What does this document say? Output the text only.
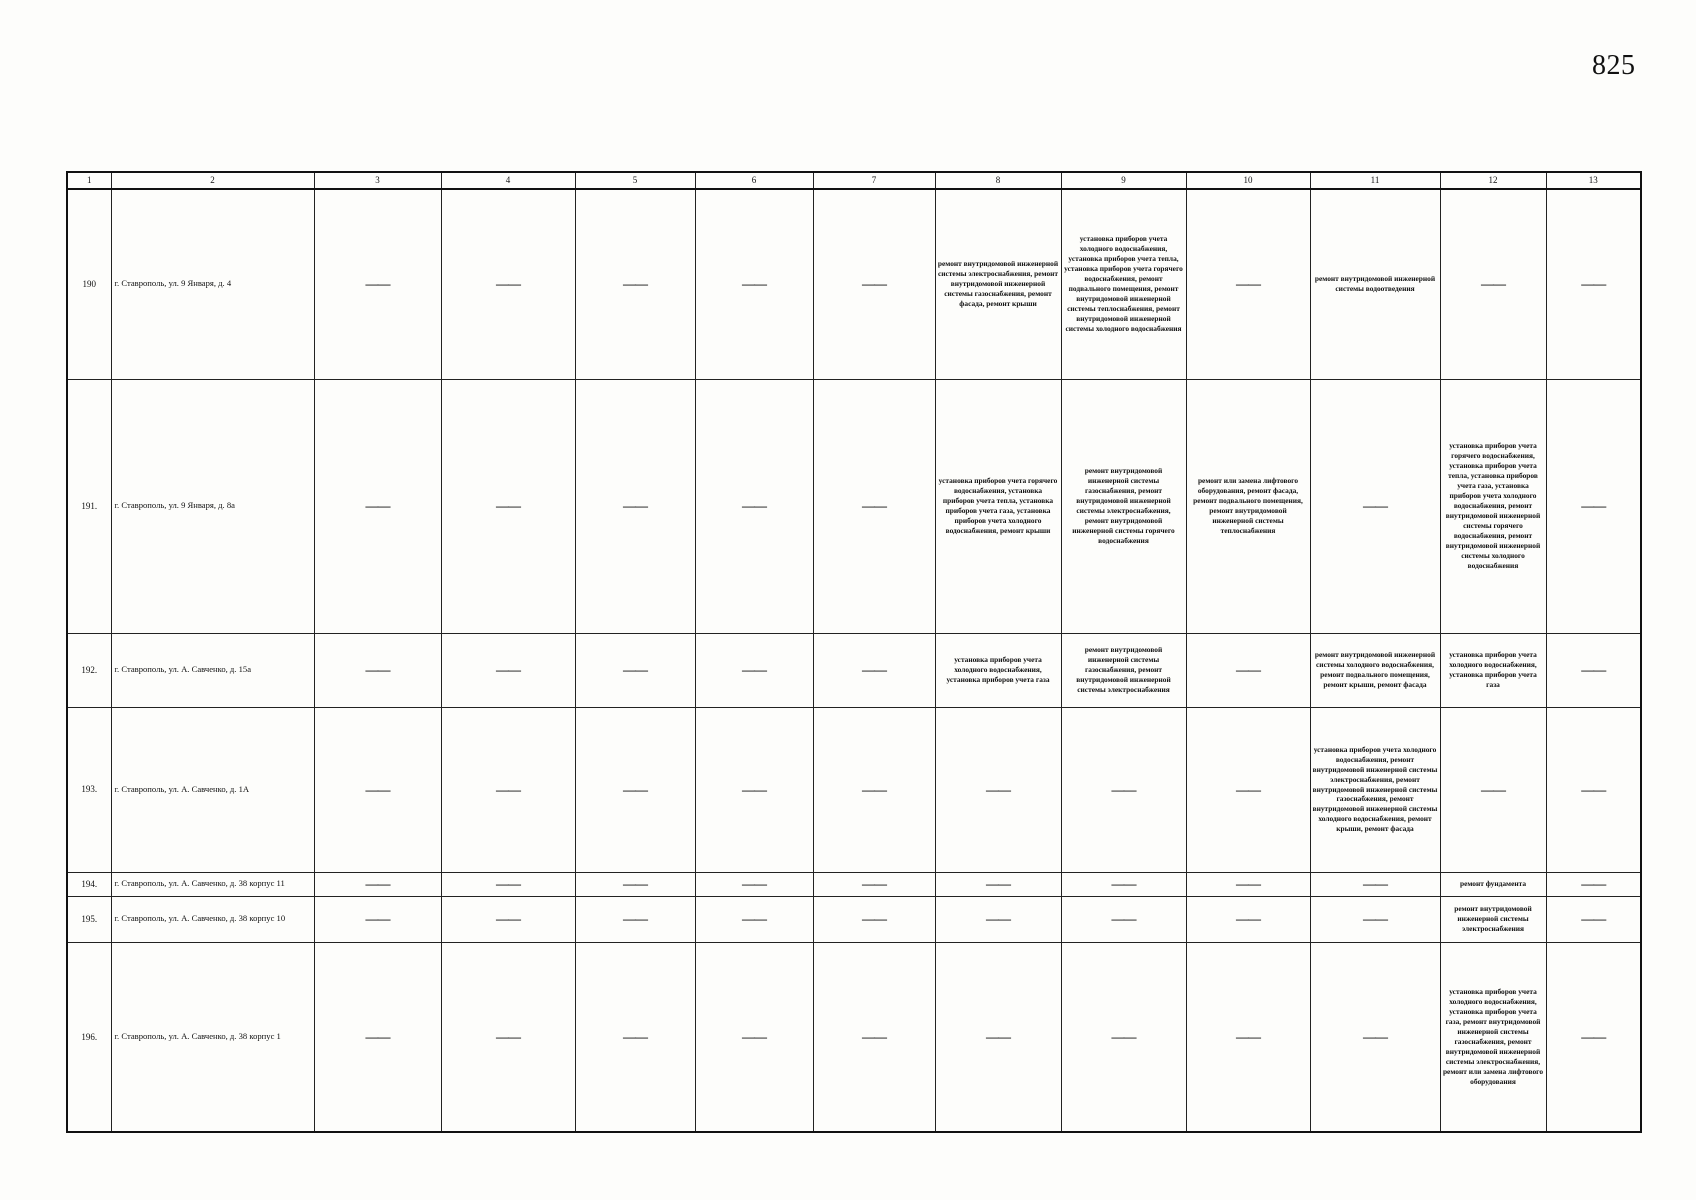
825
1	2	3	4	5	6	7	8	9	10	11	12	13
190	г. Ставрополь, ул. 9 Января, д. 4	——	——	——	——	——	ремонт внутридомовой инженерной системы электроснабжения, ремонт внутридомовой инженерной системы газоснабжения, ремонт фасада, ремонт крыши	установка приборов учета холодного водоснабжения, установка приборов учета тепла, установка приборов учета горячего водоснабжения, ремонт подвального помещения, ремонт внутридомовой инженерной системы теплоснабжения, ремонт внутридомовой инженерной системы холодного водоснабжения	——	ремонт внутридомовой инженерной системы водоотведения	——	——
191.	г. Ставрополь, ул. 9 Января, д. 8а	——	——	——	——	——	установка приборов учета горячего водоснабжения, установка приборов учета тепла, установка приборов учета газа, установка приборов учета холодного водоснабжения, ремонт крыши	ремонт внутридомовой инженерной системы газоснабжения, ремонт внутридомовой инженерной системы электроснабжения, ремонт внутридомовой инженерной системы горячего водоснабжения	ремонт или замена лифтового оборудования, ремонт фасада, ремонт подвального помещения, ремонт внутридомовой инженерной системы теплоснабжения	——	установка приборов учета горячего водоснабжения, установка приборов учета тепла, установка приборов учета газа, установка приборов учета холодного водоснабжения, ремонт внутридомовой инженерной системы горячего водоснабжения, ремонт внутридомовой инженерной системы холодного водоснабжения	——
192.	г. Ставрополь, ул. А. Савченко, д. 15а	——	——	——	——	——	установка приборов учета холодного водоснабжения, установка приборов учета газа	ремонт внутридомовой инженерной системы газоснабжения, ремонт внутридомовой инженерной системы электроснабжения	——	ремонт внутридомовой инженерной системы холодного водоснабжения, ремонт подвального помещения, ремонт крыши, ремонт фасада	установка приборов учета холодного водоснабжения, установка приборов учета газа	——
193.	г. Ставрополь, ул. А. Савченко, д. 1А	——	——	——	——	——	——	——	——	установка приборов учета холодного водоснабжения, ремонт внутридомовой инженерной системы электроснабжения, ремонт внутридомовой инженерной системы газоснабжения, ремонт внутридомовой инженерной системы холодного водоснабжения, ремонт крыши, ремонт фасада	——	——
194.	г. Ставрополь, ул. А. Савченко, д. 38 корпус 11	——	——	——	——	——	——	——	——	——	ремонт фундамента	——
195.	г. Ставрополь, ул. А. Савченко, д. 38 корпус 10	——	——	——	——	——	——	——	——	——	ремонт внутридомовой инженерной системы электроснабжения	——
196.	г. Ставрополь, ул. А. Савченко, д. 38 корпус 1	——	——	——	——	——	——	——	——	——	установка приборов учета холодного водоснабжения, установка приборов учета газа, ремонт внутридомовой инженерной системы газоснабжения, ремонт внутридомовой инженерной системы электроснабжения, ремонт или замена лифтового оборудования	——
